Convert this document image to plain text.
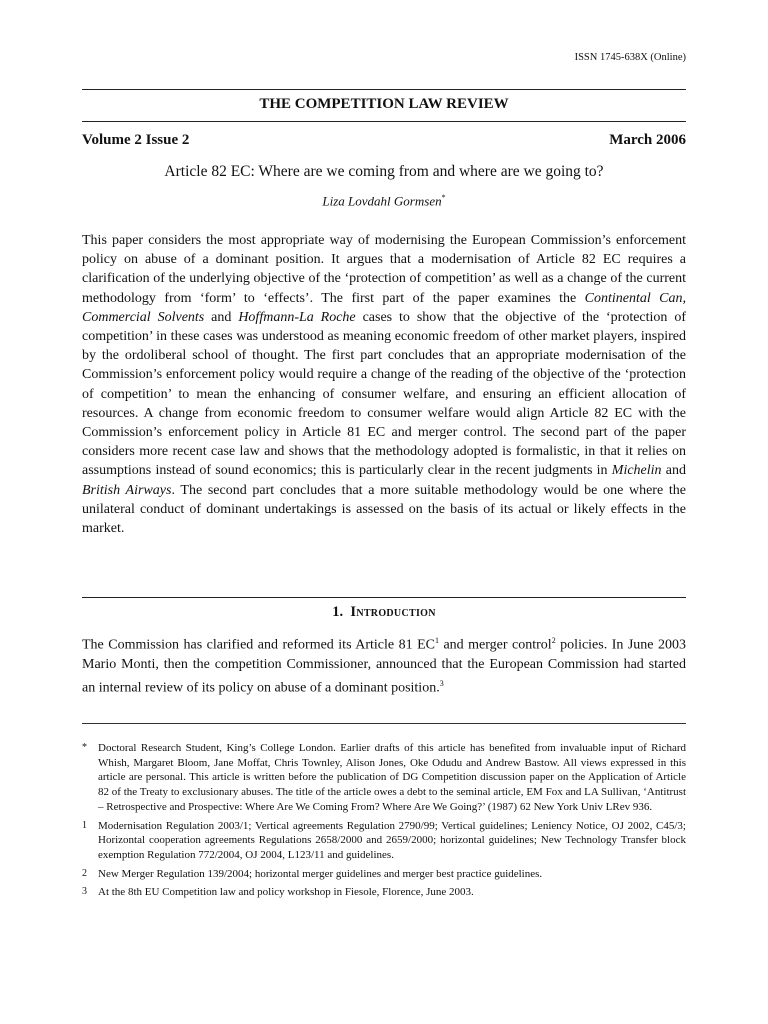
ISSN 1745-638X (Online)
THE COMPETITION LAW REVIEW
Volume 2 Issue 2	March 2006
Article 82 EC: Where are we coming from and where are we going to?
Liza Lovdahl Gormsen*

This paper considers the most appropriate way of modernising the European Commission’s enforcement policy on abuse of a dominant position. It argues that a modernisation of Article 82 EC requires a clarification of the underlying objective of the ‘protection of competition’ as well as a change of the current methodology from ‘form’ to ‘effects’. The first part of the paper examines the Continental Can, Commercial Solvents and Hoffmann-La Roche cases to show that the objective of the ‘protection of competition’ in these cases was understood as meaning economic freedom of other market players, inspired by the ordoliberal school of thought. The first part concludes that an appropriate modernisation of the Commission’s enforcement policy would require a change of the reading of the objective of the ‘protection of competition’ to mean the enhancing of consumer welfare, and ensuring an efficient allocation of resources. A change from economic freedom to consumer welfare would align Article 82 EC with the Commission’s enforcement policy in Article 81 EC and merger control. The second part of the paper considers more recent case law and shows that the methodology adopted is formalistic, in that it relies on assumptions instead of sound economics; this is particularly clear in the recent judgments in Michelin and British Airways. The second part concludes that a more suitable methodology would be one where the unilateral conduct of dominant undertakings is assessed on the basis of its actual or likely effects in the market.

1. Introduction

The Commission has clarified and reformed its Article 81 $EC^1$ and merger control$^2$ policies. In June 2003 Mario Monti, then the competition Commissioner, announced that the European Commission had started an internal review of its policy on abuse of a dominant position.$^3$

*	Doctoral Research Student, King’s College London. Earlier drafts of this article has benefited from invaluable input of Richard Whish, Margaret Bloom, Jane Moffat, Chris Townley, Alison Jones, Oke Odudu and Andrew Bastow. All views expressed in this article are personal. This article is written before the publication of DG Competition discussion paper on the Application of Article 82 of the Treaty to exclusionary abuses. The title of the article owes a debt to the seminal article, EM Fox and LA Sullivan, ‘Antitrust – Retrospective and Prospective: Where Are We Coming From? Where Are We Going?’ (1987) 62 New York Univ LRev 936.
1	Modernisation Regulation 2003/1; Vertical agreements Regulation 2790/99; Vertical guidelines; Leniency Notice, OJ 2002, C45/3; Horizontal cooperation agreements Regulations 2658/2000 and 2659/2000; horizontal guidelines; New Technology Transfer block exemption Regulation 772/2004, OJ 2004, L123/11 and guidelines.
2	New Merger Regulation 139/2004; horizontal merger guidelines and merger best practice guidelines.
3	At the 8th EU Competition law and policy workshop in Fiesole, Florence, June 2003.
